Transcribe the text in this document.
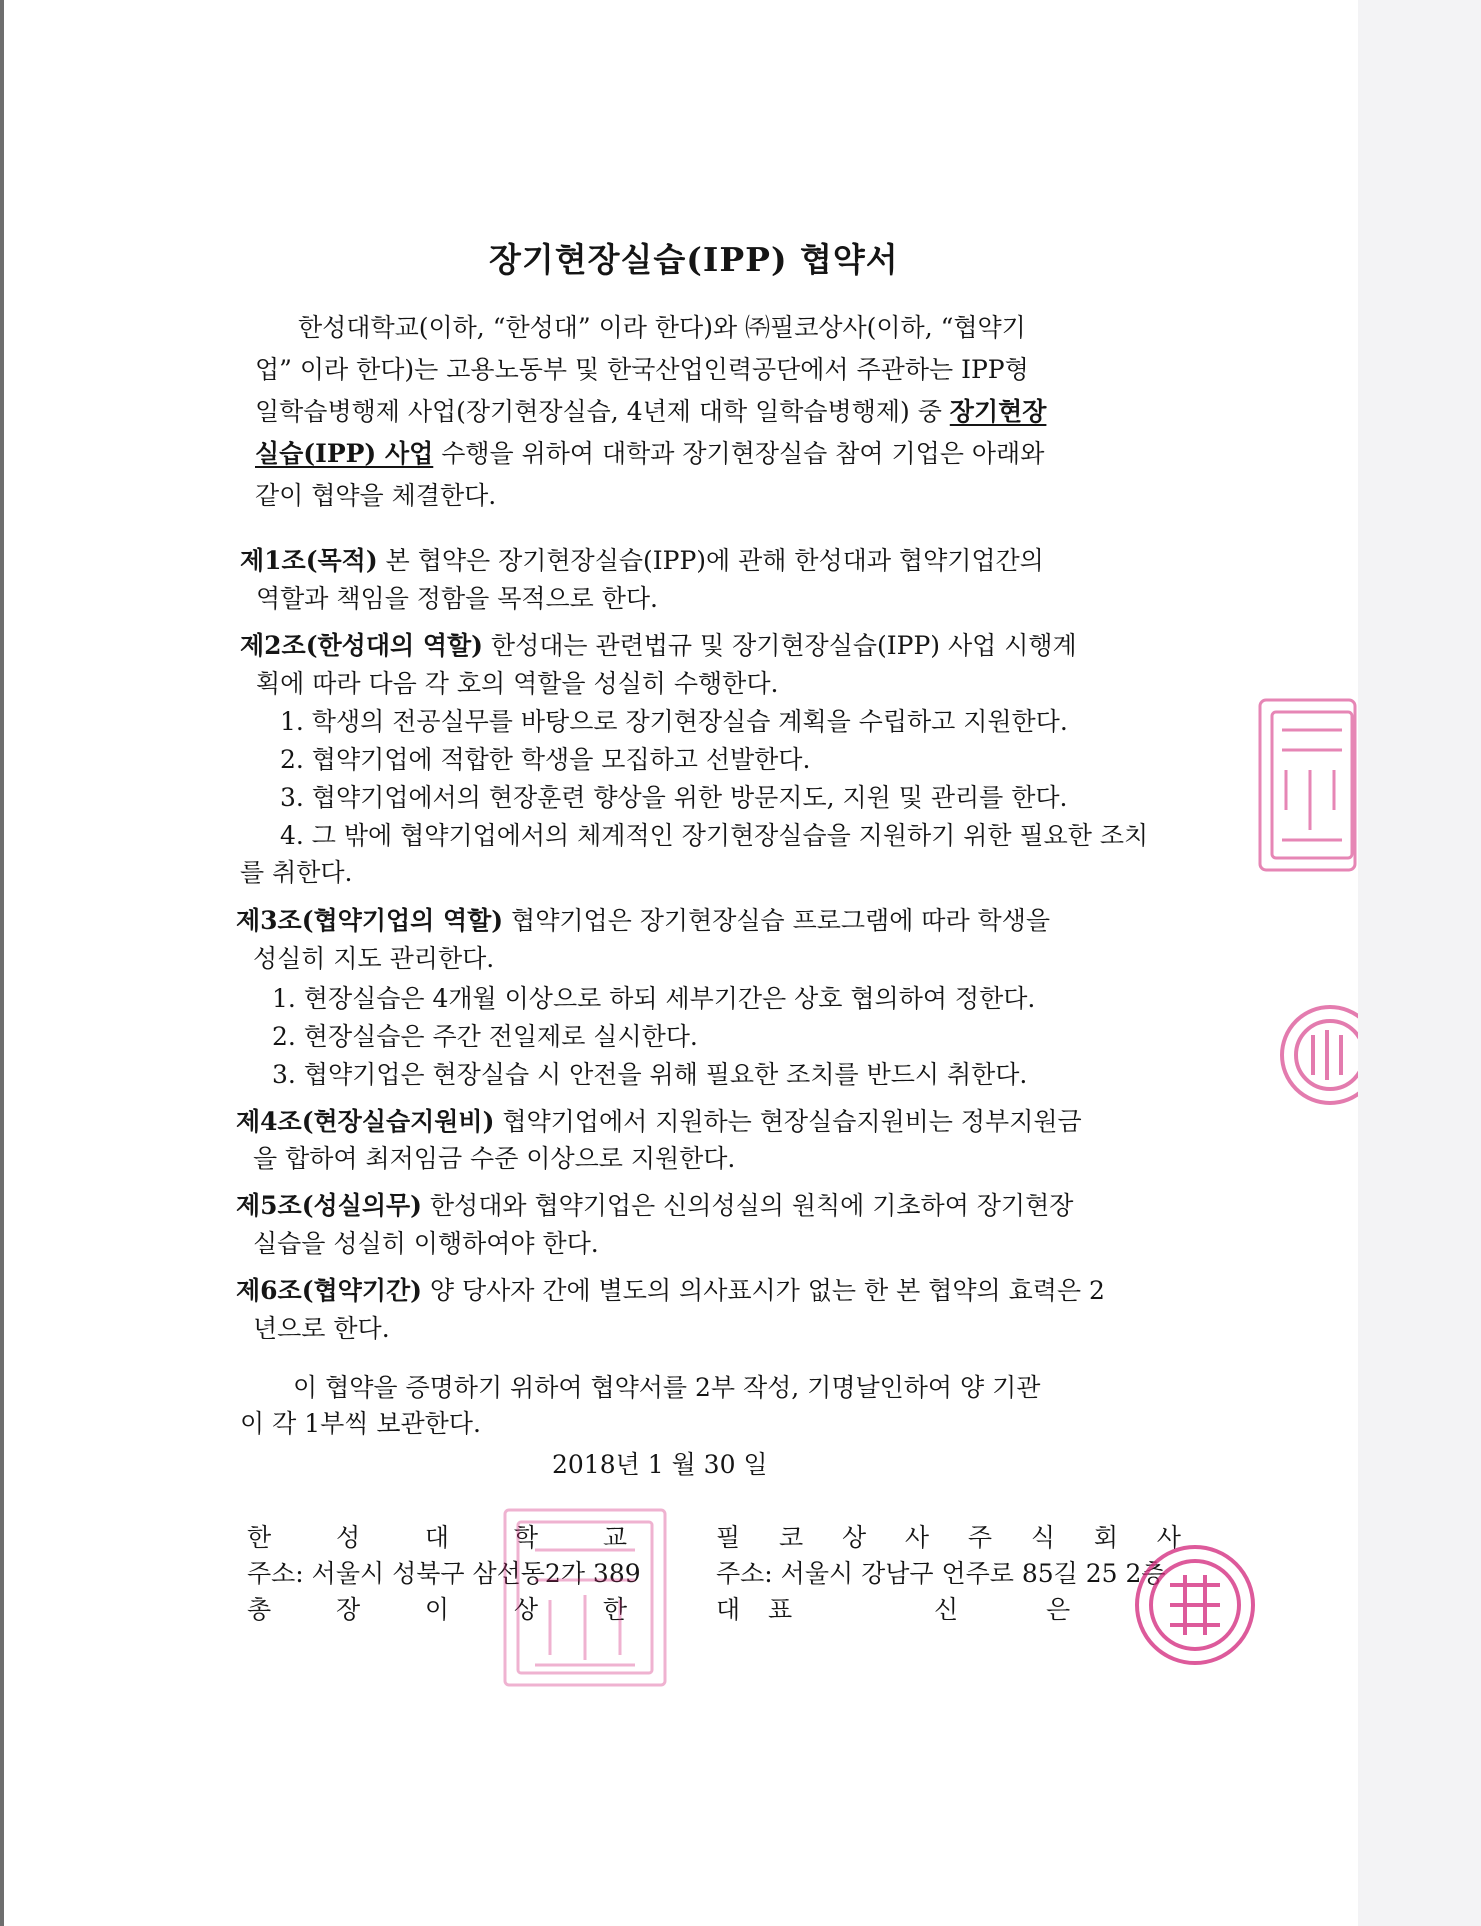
장기현장실습(IPP) 협약서
한성대학교(이하, “한성대” 이라 한다)와 ㈜필코상사(이하, “협약기
업” 이라 한다)는 고용노동부 및 한국산업인력공단에서 주관하는 IPP형
일학습병행제 사업(장기현장실습, 4년제 대학 일학습병행제) 중 장기현장
실습(IPP) 사업 수행을 위하여 대학과 장기현장실습 참여 기업은 아래와
같이 협약을 체결한다.
제1조(목적) 본 협약은 장기현장실습(IPP)에 관해 한성대과 협약기업간의
역할과 책임을 정함을 목적으로 한다.
제2조(한성대의 역할) 한성대는 관련법규 및 장기현장실습(IPP) 사업 시행계
획에 따라 다음 각 호의 역할을 성실히 수행한다.
1. 학생의 전공실무를 바탕으로 장기현장실습 계획을 수립하고 지원한다.
2. 협약기업에 적합한 학생을 모집하고 선발한다.
3. 협약기업에서의 현장훈련 향상을 위한 방문지도, 지원 및 관리를 한다.
4. 그 밖에 협약기업에서의 체계적인 장기현장실습을 지원하기 위한 필요한 조치
를 취한다.
제3조(협약기업의 역할) 협약기업은 장기현장실습 프로그램에 따라 학생을
성실히 지도 관리한다.
1. 현장실습은 4개월 이상으로 하되 세부기간은 상호 협의하여 정한다.
2. 현장실습은 주간 전일제로 실시한다.
3. 협약기업은 현장실습 시 안전을 위해 필요한 조치를 반드시 취한다.
제4조(현장실습지원비) 협약기업에서 지원하는 현장실습지원비는 정부지원금
을 합하여 최저임금 수준 이상으로 지원한다.
제5조(성실의무) 한성대와 협약기업은 신의성실의 원칙에 기초하여 장기현장
실습을 성실히 이행하여야 한다.
제6조(협약기간) 양 당사자 간에 별도의 의사표시가 없는 한 본 협약의 효력은 2
년으로 한다.
이 협약을 증명하기 위하여 협약서를 2부 작성, 기명날인하여 양 기관
이 각 1부씩 보관한다.
2018년 1 월 30 일
한	성	대	학	교
주소: 서울시 성북구 삼선동2가 389
총	장	이	상	한
필 코 상 사 주 식 회 사
주소: 서울시 강남구 언주로 85길 25 2층
대 표	신	은
